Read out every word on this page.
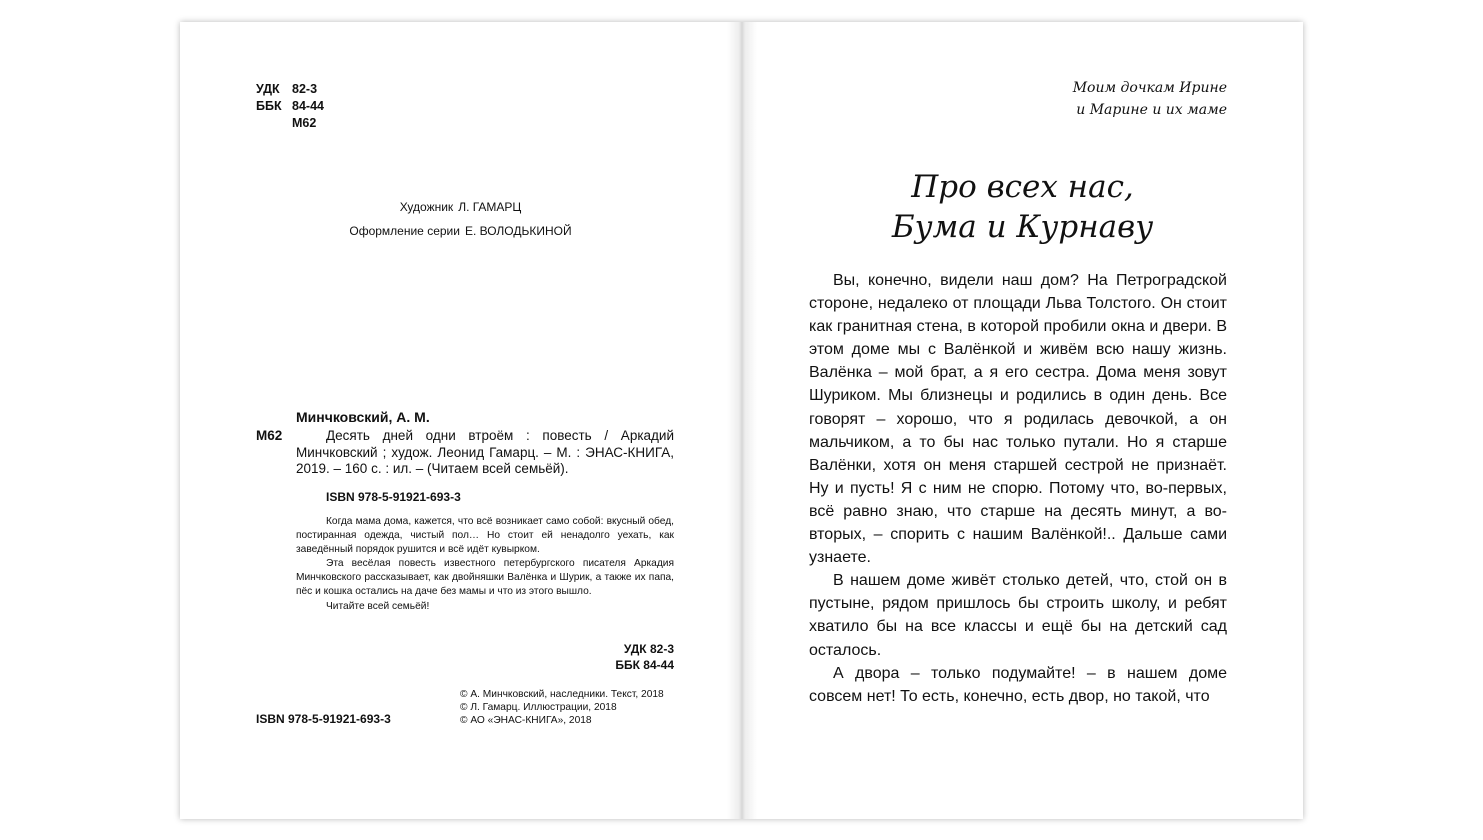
УДК 82-3
ББК 84-44
М62
Художник Л. ГАМАРЦ
Оформление серии Е. ВОЛОДЬКИНОЙ
Минчковский, А. М.
М62	Десять дней одни втроём : повесть / Аркадий Минчковский ; худож. Леонид Гамарц. – М. : ЭНАС-КНИГА, 2019. – 160 с. : ил. – (Читаем всей семьёй).
ISBN 978-5-91921-693-3

Когда мама дома, кажется, что всё возникает само собой: вкусный обед, постиранная одежда, чистый пол… Но стоит ей ненадолго уехать, как заведённый порядок рушится и всё идёт кувырком.

Эта весёлая повесть известного петербургского писателя Аркадия Минчковского рассказывает, как двойняшки Валёнка и Шурик, а также их папа, пёс и кошка остались на даче без мамы и что из этого вышло.

Читайте всей семьёй!

УДК 82-3
ББК 84-44
ISBN 978-5-91921-693-3
© А. Минчковский, наследники. Текст, 2018
© Л. Гамарц. Иллюстрации, 2018
© АО «ЭНАС-КНИГА», 2018
Моим дочкам Ирине
и Марине и их маме
Про всех нас,
Бума и Курнаву

Вы, конечно, видели наш дом? На Петроградской стороне, недалеко от площади Льва Толстого. Он стоит как гранитная стена, в которой пробили окна и двери. В этом доме мы с Валёнкой и живём всю нашу жизнь. Валёнка – мой брат, а я его сестра. Дома меня зовут Шуриком. Мы близнецы и родились в один день. Все говорят – хорошо, что я родилась девочкой, а он мальчиком, а то бы нас только путали. Но я старше Валёнки, хотя он меня старшей сестрой не признаёт. Ну и пусть! Я с ним не спорю. Потому что, во-первых, всё равно знаю, что старше на десять минут, а во-вторых, – спорить с нашим Валёнкой!.. Дальше сами узнаете.

В нашем доме живёт столько детей, что, стой он в пустыне, рядом пришлось бы строить школу, и ребят хватило бы на все классы и ещё бы на детский сад осталось.

А двора – только подумайте! – в нашем доме совсем нет! То есть, конечно, есть двор, но такой, что
